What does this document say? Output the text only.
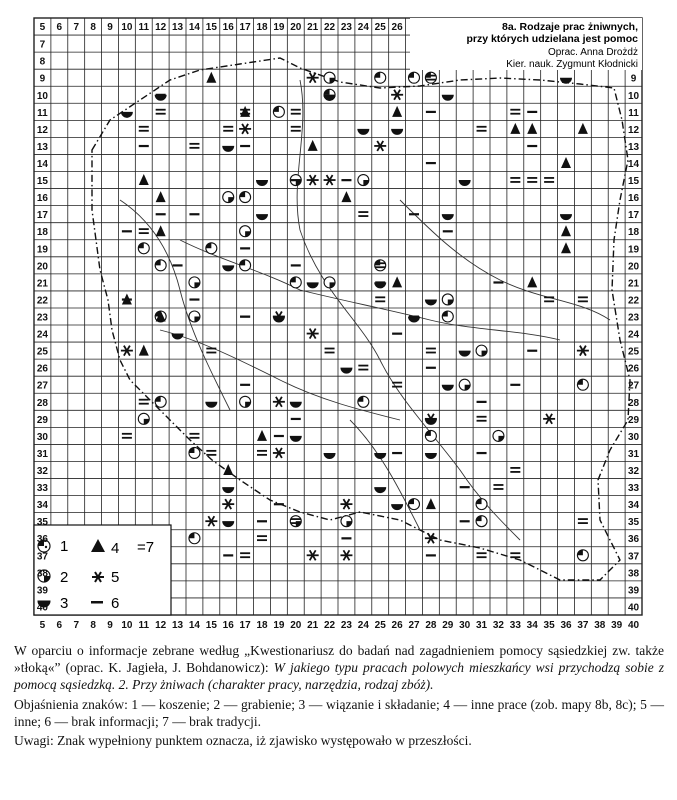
8a. Rodzaje prac żniwnych,
przy których udzielana jest pomoc
Oprac. Anna Drożdż
Kier. nauk. Zygmunt Kłodnicki
1	4 =7
2	5
3	6
5 6 7 8 9 10 11 12 13 14 15 16 17 18 19 20 21 22 23 24 25 26
5 6 7 8 9 10 11 12 13 14 15 16 17 18 19 20 21 22 23 24 25 26 27 28 29 30 31 32 33 34 35 36 37 38 39 40
7
8
9
10
11
12
13
14
15
16
17
18
19
20
21
22
23
24
25
26
27
28
29
30
31
32
33
34
35
36
37
38
39
40
9
10
11
12
13
14
15
16
17
18
19
20
21
22
23
24
25
26
27
28
29
30
31
32
33
34
35
36
37
38
39
40

W oparciu o informacje zebrane według „Kwestionariusz do badań nad zagadnieniem pomocy sąsiedzkiej zw. także »tłoką«” (oprac. K. Jagieła, J. Bohdanowicz): W jakiego typu pracach polowych mieszkańcy wsi przychodzą sobie z pomocą sąsiedzką. 2. Przy żniwach (charakter pracy, narzędzia, rodzaj zbóż).

Objaśnienia znaków: 1 — koszenie; 2 — grabienie; 3 — wiązanie i składanie; 4 — inne prace (zob. mapy 8b, 8c); 5 — inne; 6 — brak informacji; 7 — brak tradycji.

Uwagi: Znak wypełniony punktem oznacza, iż zjawisko występowało w przeszłości.
